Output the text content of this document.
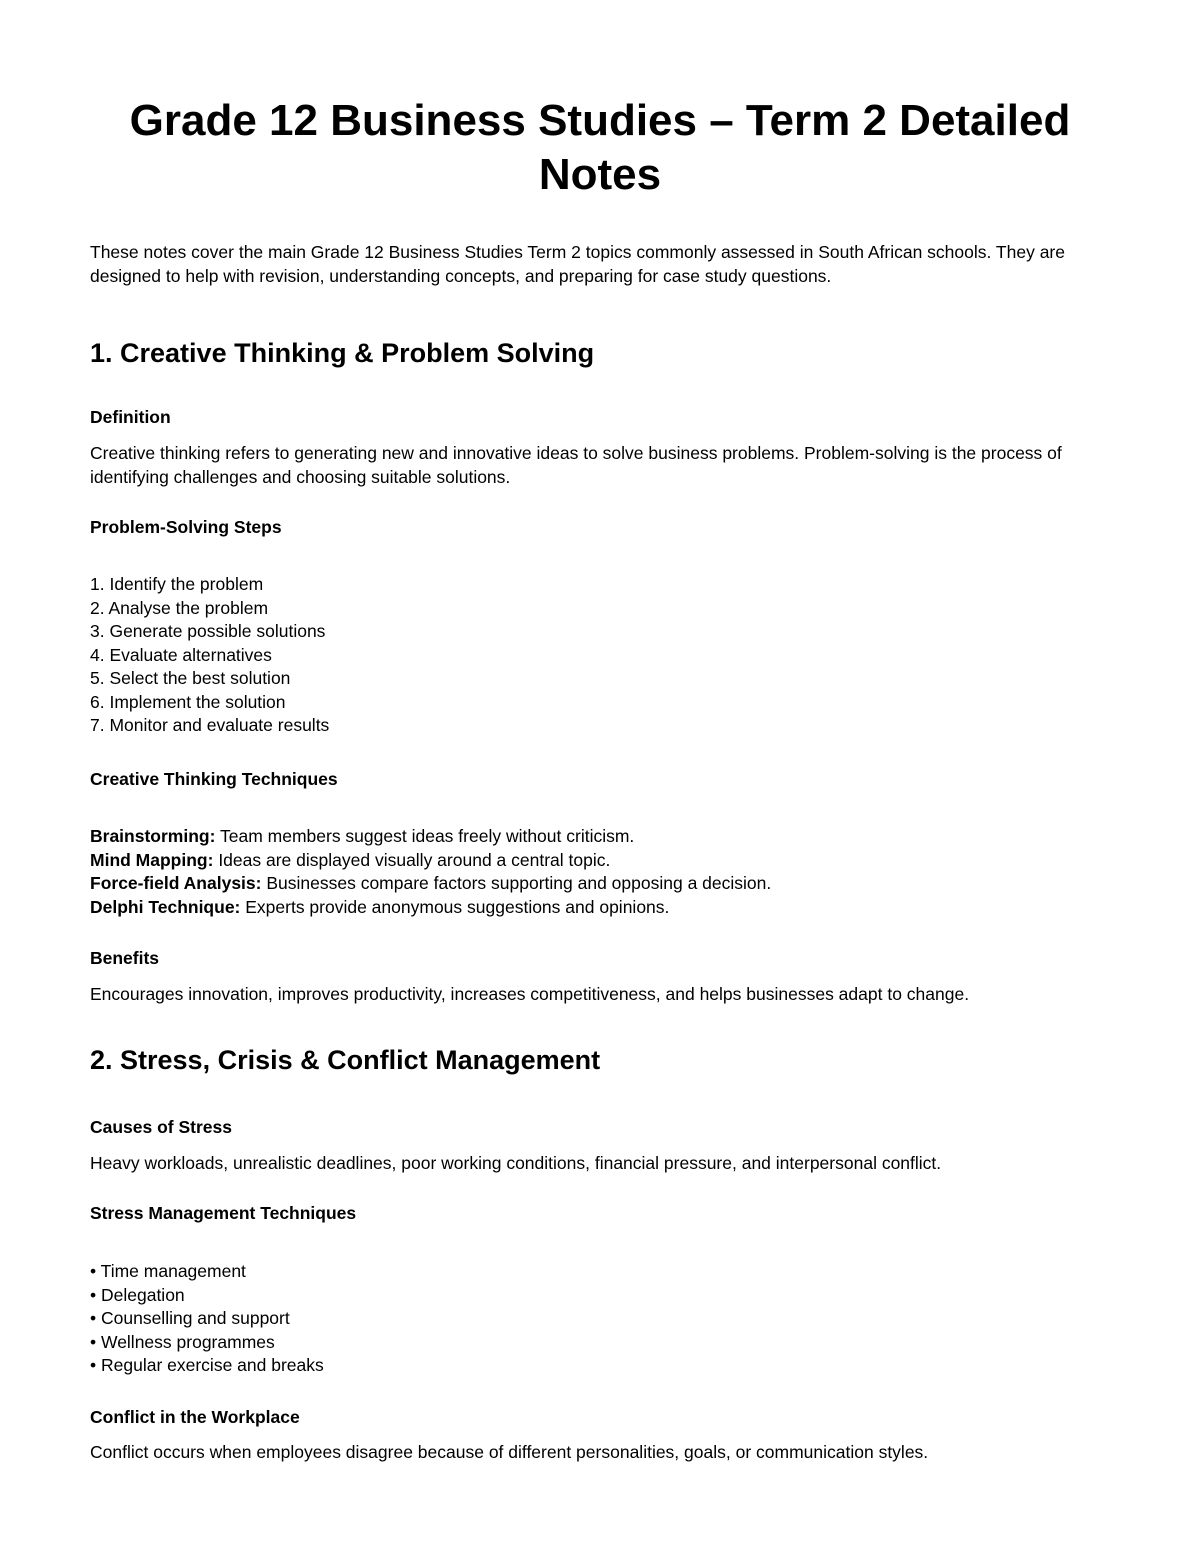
Grade 12 Business Studies – Term 2 Detailed Notes

These notes cover the main Grade 12 Business Studies Term 2 topics commonly assessed in South African schools. They are designed to help with revision, understanding concepts, and preparing for case study questions.

1. Creative Thinking & Problem Solving
Definition

Creative thinking refers to generating new and innovative ideas to solve business problems. Problem-solving is the process of identifying challenges and choosing suitable solutions.

Problem-Solving Steps
1. Identify the problem
2. Analyse the problem
3. Generate possible solutions
4. Evaluate alternatives
5. Select the best solution
6. Implement the solution
7. Monitor and evaluate results
Creative Thinking Techniques
Brainstorming: Team members suggest ideas freely without criticism.
Mind Mapping: Ideas are displayed visually around a central topic.
Force-field Analysis: Businesses compare factors supporting and opposing a decision.
Delphi Technique: Experts provide anonymous suggestions and opinions.
Benefits

Encourages innovation, improves productivity, increases competitiveness, and helps businesses adapt to change.

2. Stress, Crisis & Conflict Management
Causes of Stress

Heavy workloads, unrealistic deadlines, poor working conditions, financial pressure, and interpersonal conflict.

Stress Management Techniques
• Time management
• Delegation
• Counselling and support
• Wellness programmes
• Regular exercise and breaks
Conflict in the Workplace

Conflict occurs when employees disagree because of different personalities, goals, or communication styles.
